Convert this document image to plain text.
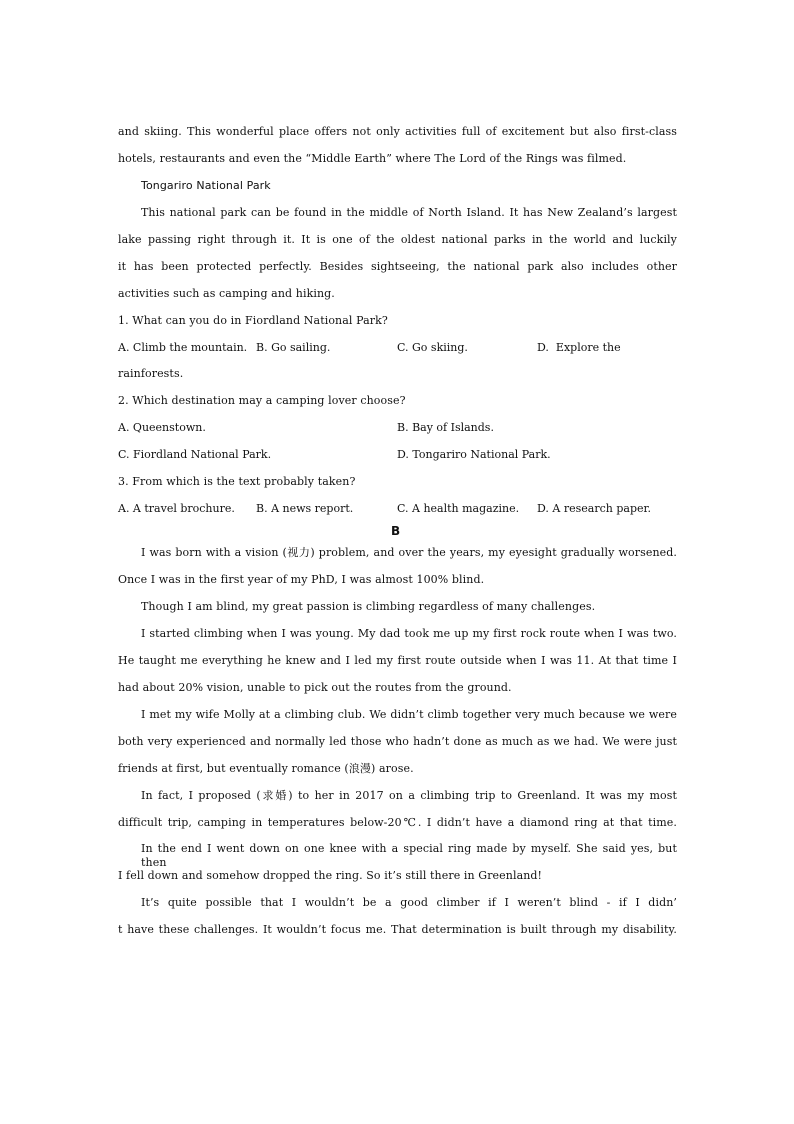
and skiing. This wonderful place offers not only activities full of excitement but also first-class
hotels, restaurants and even the “Middle Earth” where The Lord of the Rings was filmed.
Tongariro National Park
This national park can be found in the middle of North Island. It has New Zealand’s largest
lake passing right through it. It is one of the oldest national parks in the world and luckily
it has been protected perfectly. Besides sightseeing, the national park also includes other
activities such as camping and hiking.
1. What can you do in Fiordland National Park?
A. Climb the mountain. B. Go sailing.	C. Go skiing.	D.  Explore the
rainforests.
2. Which destination may a camping lover choose?
A. Queenstown.	B. Bay of Islands.
C. Fiordland National Park.	D. Tongariro National Park.
3. From which is the text probably taken?
A. A travel brochure. B. A news report.	C. A health magazine. D. A research paper.
B
I was born with a vision (视力) problem, and over the years, my eyesight gradually worsened.
Once I was in the first year of my PhD, I was almost 100% blind.
Though I am blind, my great passion is climbing regardless of many challenges.
I started climbing when I was young. My dad took me up my first rock route when I was two.
He taught me everything he knew and I led my first route outside when I was 11. At that time I
had about 20% vision, unable to pick out the routes from the ground.
I met my wife Molly at a climbing club. We didn’t climb together very much because we were
both very experienced and normally led those who hadn’t done as much as we had. We were just
friends at first, but eventually romance (浪漫) arose.
In fact, I proposed (求婚) to her in 2017 on a climbing trip to Greenland. It was my most
difficult trip, camping in temperatures below-20℃. I didn’t have a diamond ring at that time.
In the end I went down on one knee with a special ring made by myself. She said yes, but then
I fell down and somehow dropped the ring. So it’s still there in Greenland!
It’s quite possible that I wouldn’t be a good climber if I weren’t blind - if I didn’
t have these challenges. It wouldn’t focus me. That determination is built through my disability.
